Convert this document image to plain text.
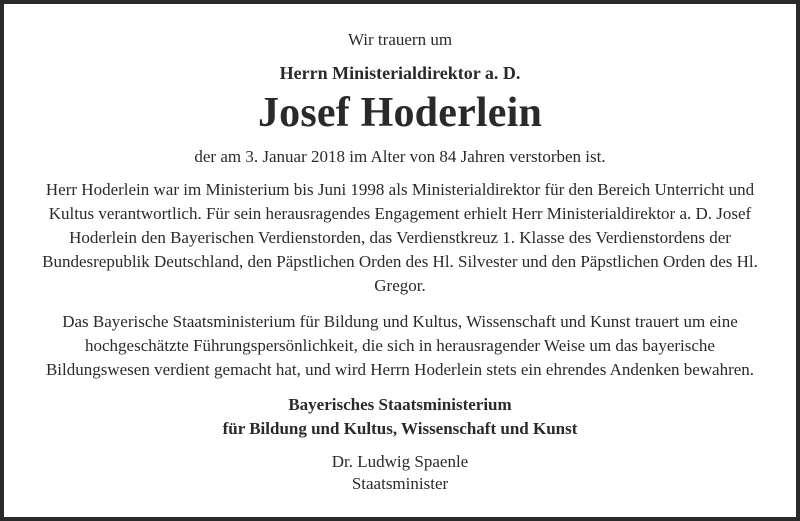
Wir trauern um

Herrn Ministerialdirektor a. D.

Josef Hoderlein

der am 3. Januar 2018 im Alter von 84 Jahren verstorben ist.

Herr Hoderlein war im Ministerium bis Juni 1998 als Ministerialdirektor für den Bereich Unterricht und Kultus verantwortlich. Für sein herausragendes Engagement erhielt Herr Ministerialdirektor a. D. Josef Hoderlein den Bayerischen Verdienstorden, das Verdienstkreuz 1. Klasse des Verdienstordens der Bundesrepublik Deutschland, den Päpstlichen Orden des Hl. Silvester und den Päpstlichen Orden des Hl. Gregor.

Das Bayerische Staatsministerium für Bildung und Kultus, Wissenschaft und Kunst trauert um eine hochgeschätzte Führungspersönlichkeit, die sich in herausragender Weise um das bayerische Bildungswesen verdient gemacht hat, und wird Herrn Hoderlein stets ein ehrendes Andenken bewahren.

Bayerisches Staatsministerium
für Bildung und Kultus, Wissenschaft und Kunst
Dr. Ludwig Spaenle
Staatsminister
